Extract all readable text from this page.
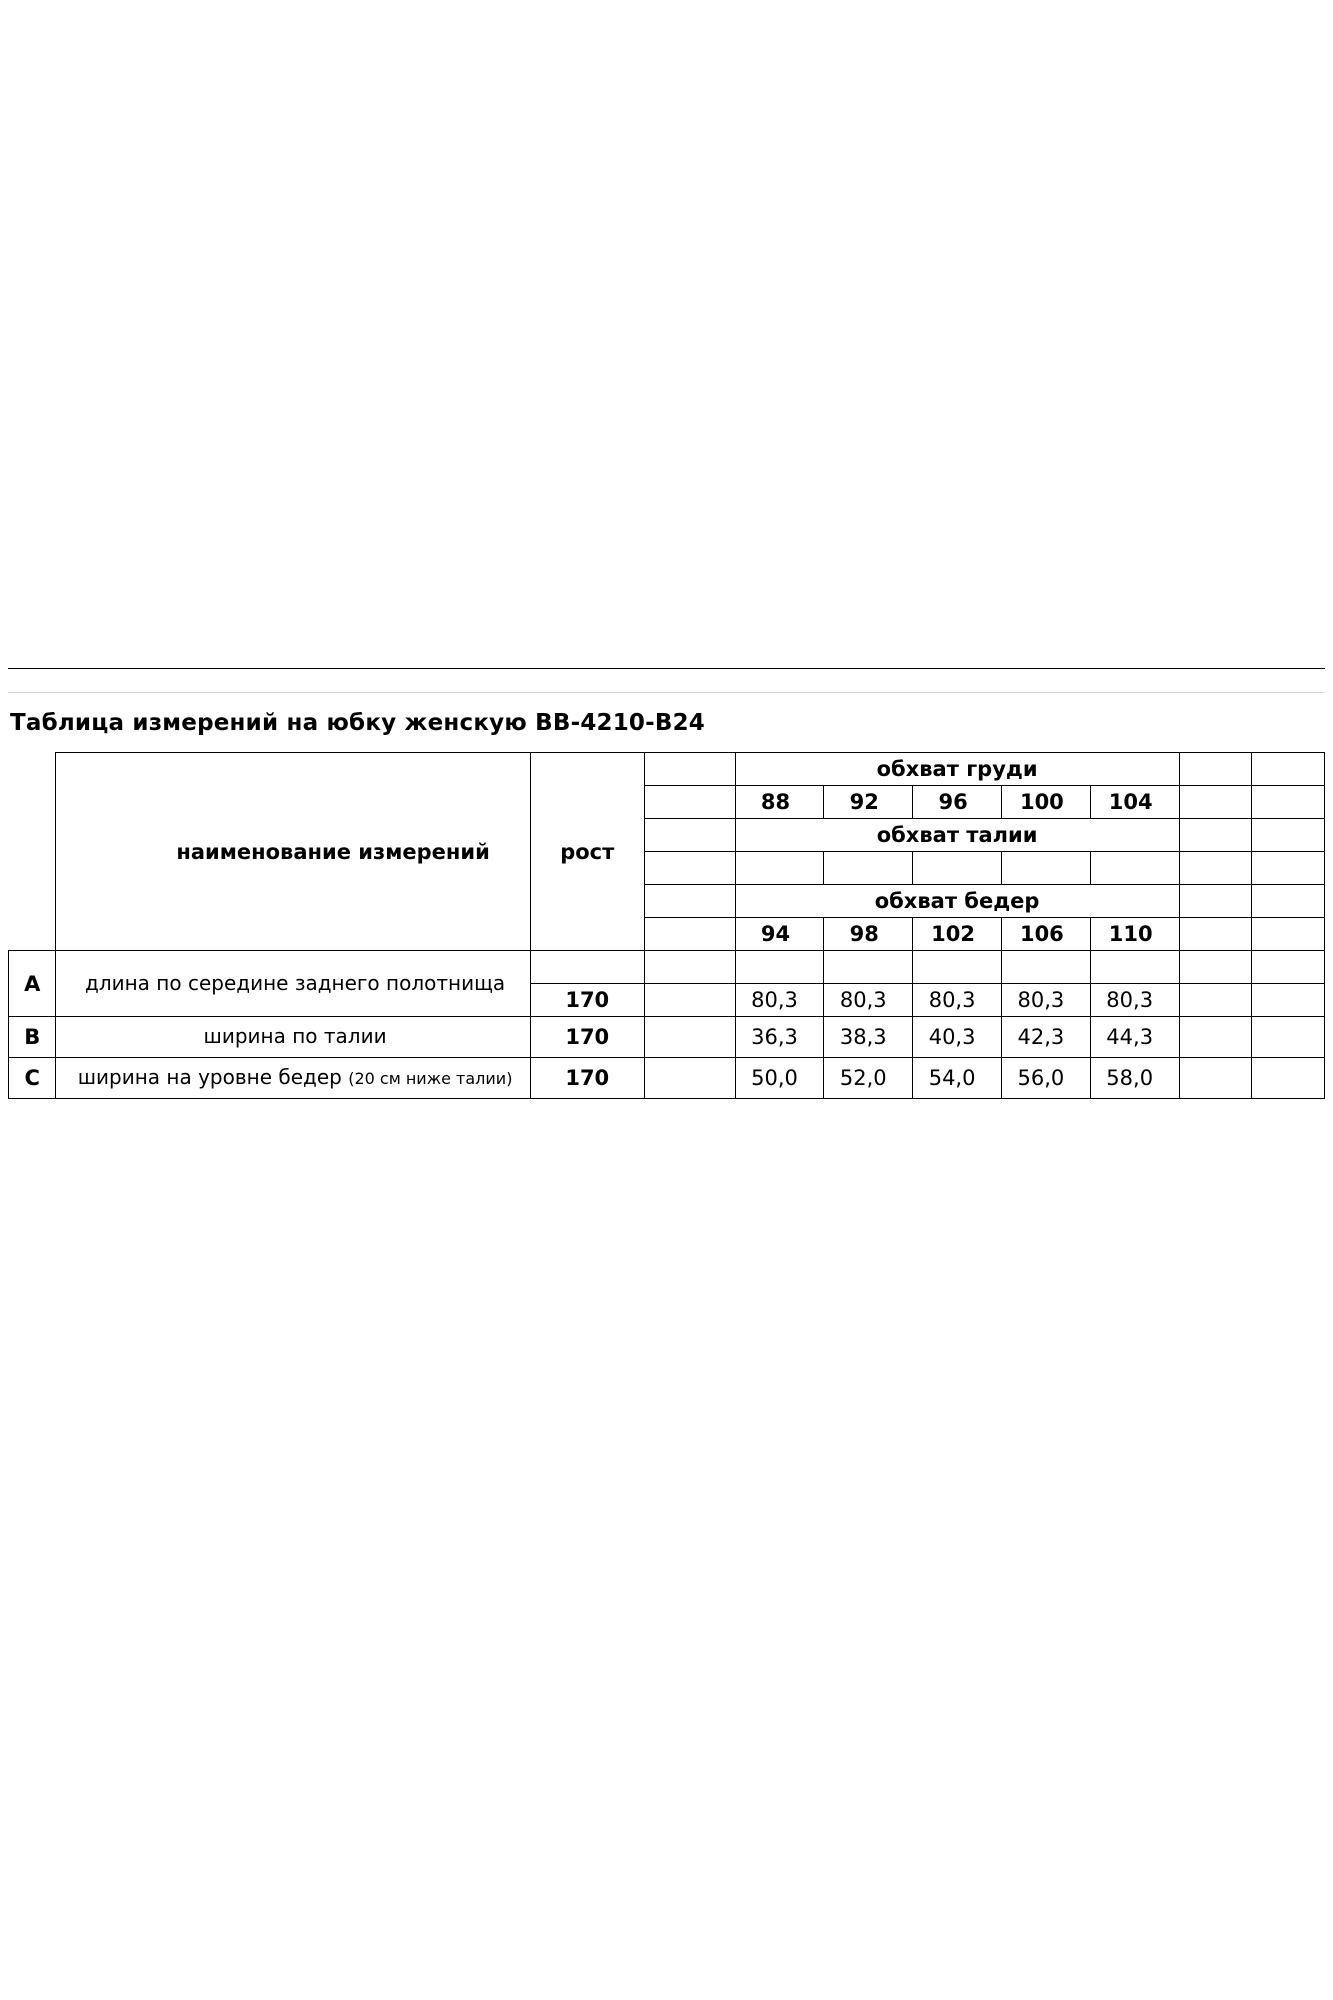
Таблица измерений на юбку женскую ВВ-4210-В24
	наименование измерений	рост		обхват груди						
				88	92	96	100	104		
				обхват талии						

				обхват бедер						
				94	98	102	106	110		
A	длина по середине заднего полотнища									
		170		80,3	80,3	80,3	80,3	80,3		
B	ширина по талии	170		36,3	38,3	40,3	42,3	44,3		
C	ширина на уровне бедер (20 см ниже талии)	170		50,0	52,0	54,0	56,0	58,0		
